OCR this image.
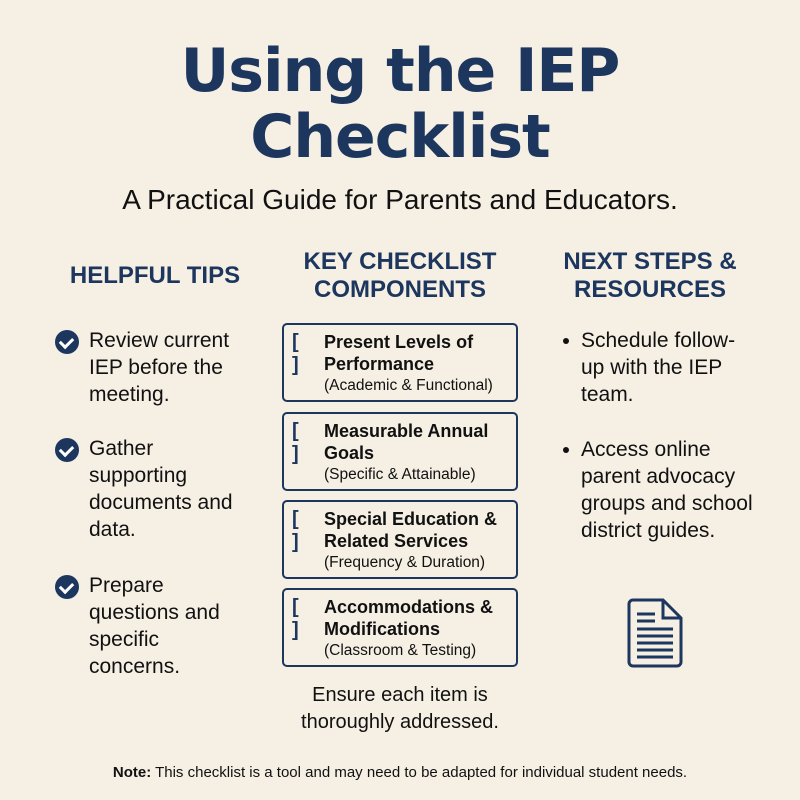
Using the IEP Checklist
A Practical Guide for Parents and Educators.
HELPFUL TIPS
KEY CHECKLIST COMPONENTS
NEXT STEPS & RESOURCES
Review current IEP before the meeting.
Gather supporting documents and data.
Prepare questions and specific concerns.
[ ]
Present Levels of Performance
(Academic & Functional)
[ ]
Measurable Annual Goals
(Specific & Attainable)
[ ]
Special Education & Related Services
(Frequency & Duration)
[ ]
Accommodations & Modifications
(Classroom & Testing)
Ensure each item is thoroughly addressed.
Schedule follow-up with the IEP team.
Access online parent advocacy groups and school district guides.
Note: This checklist is a tool and may need to be adapted for individual student needs.
